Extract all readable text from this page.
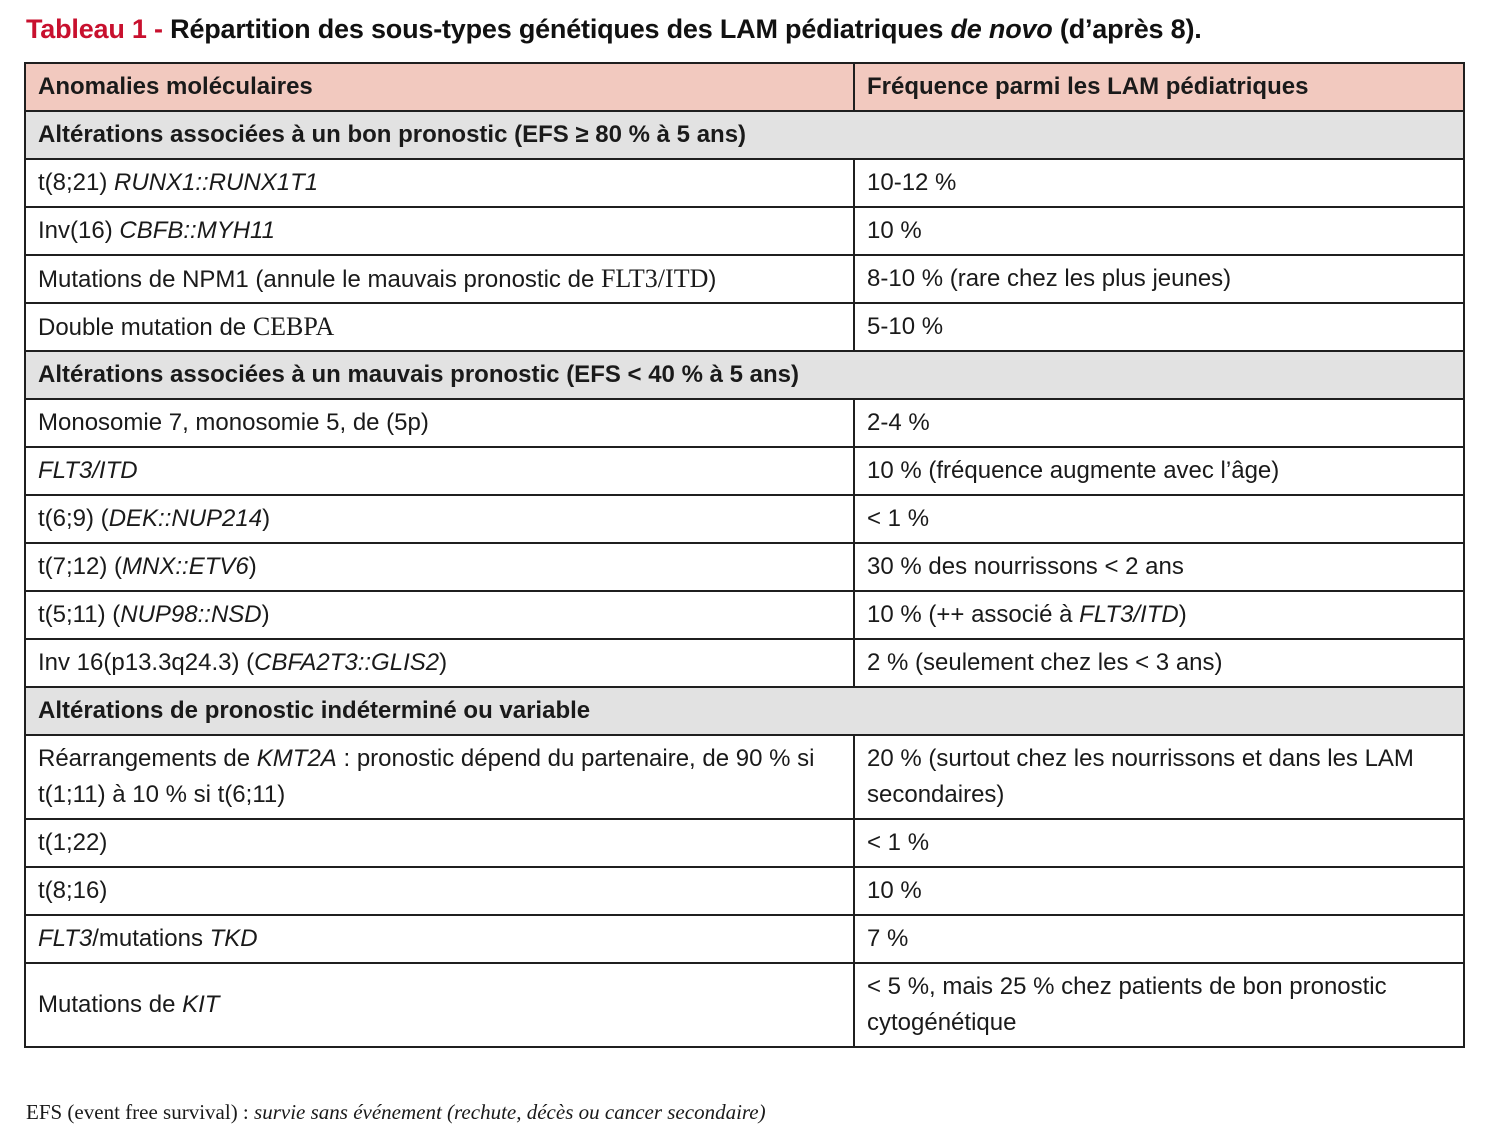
Tableau 1 - Répartition des sous-types génétiques des LAM pédiatriques de novo (d’après 8).
Anomalies moléculaires	Fréquence parmi les LAM pédiatriques
Altérations associées à un bon pronostic (EFS ≥ 80 % à 5 ans)	
t(8;21) RUNX1::RUNX1T1	10-12 %
Inv(16) CBFB::MYH11	10 %
Mutations de NPM1 (annule le mauvais pronostic de FLT3/ITD)	8-10 % (rare chez les plus jeunes)
Double mutation de CEBPA	5-10 %
Altérations associées à un mauvais pronostic (EFS < 40 % à 5 ans)	
Monosomie 7, monosomie 5, de (5p)	2-4 %
FLT3/ITD	10 % (fréquence augmente avec l’âge)
t(6;9) (DEK::NUP214)	< 1 %
t(7;12) (MNX::ETV6)	30 % des nourrissons < 2 ans
t(5;11) (NUP98::NSD)	10 % (++ associé à FLT3/ITD)
Inv 16(p13.3q24.3) (CBFA2T3::GLIS2)	2 % (seulement chez les < 3 ans)
Altérations de pronostic indéterminé ou variable	
Réarrangements de KMT2A : pronostic dépend du partenaire, de 90 % si t(1;11) à 10 % si t(6;11)	20 % (surtout chez les nourrissons et dans les LAM secondaires)
t(1;22)	< 1 %
t(8;16)	10 %
FLT3/mutations TKD	7 %
Mutations de KIT	< 5 %, mais 25 % chez patients de bon pronostic cytogénétique
EFS (event free survival) : survie sans événement (rechute, décès ou cancer secondaire)
